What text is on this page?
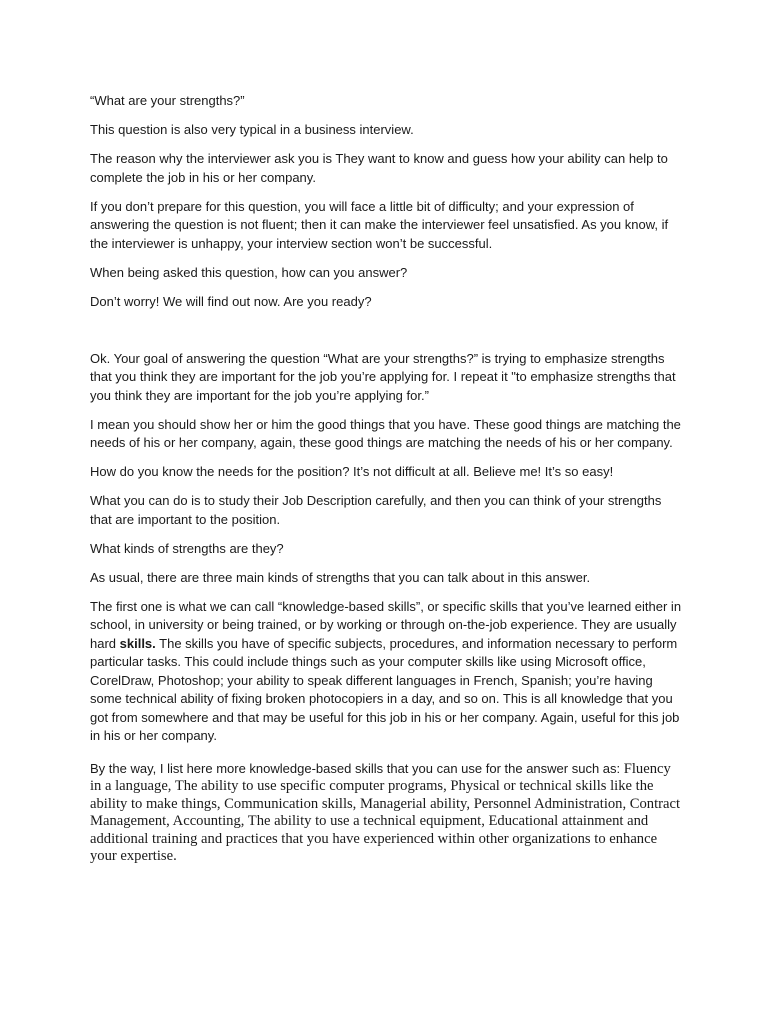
“What are your strengths?”

This question is also very typical in a business interview.

The reason why the interviewer ask you is They want to know and guess how your ability can help to complete the job in his or her company.

If you don’t prepare for this question, you will face a little bit of difficulty; and your expression of answering the question is not fluent; then it can make the interviewer feel unsatisfied. As you know, if the interviewer is unhappy, your interview section won’t be successful.

When being asked this question, how can you answer?

Don’t worry! We will find out now. Are you ready?

Ok. Your goal of answering the question “What are your strengths?” is trying to emphasize strengths that you think they are important for the job you’re applying for. I repeat it "to emphasize strengths that you think they are important for the job you’re applying for.”

I mean you should show her or him the good things that you have. These good things are matching the needs of his or her company, again, these good things are matching the needs of his or her company.

How do you know the needs for the position? It’s not difficult at all. Believe me! It’s so easy!

What you can do is to study their Job Description carefully, and then you can think of your strengths that are important to the position.

What kinds of strengths are they?

As usual, there are three main kinds of strengths that you can talk about in this answer.

The first one is what we can call “knowledge-based skills”, or specific skills that you’ve learned either in school, in university or being trained, or by working or through on-the-job experience. They are usually hard skills. The skills you have of specific subjects, procedures, and information necessary to perform particular tasks. This could include things such as your computer skills like using Microsoft office, CorelDraw, Photoshop; your ability to speak different languages in French, Spanish; you’re having some technical ability of fixing broken photocopiers in a day, and so on. This is all knowledge that you got from somewhere and that may be useful for this job in his or her company. Again, useful for this job in his or her company.

By the way, I list here more knowledge-based skills that you can use for the answer such as: Fluency in a language, The ability to use specific computer programs, Physical or technical skills like the ability to make things, Communication skills, Managerial ability, Personnel Administration, Contract Management, Accounting, The ability to use a technical equipment, Educational attainment and additional training and practices that you have experienced within other organizations to enhance your expertise.
